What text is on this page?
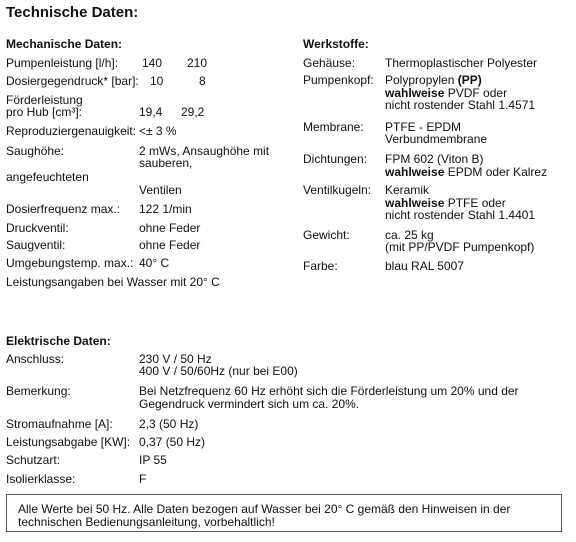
Technische Daten:
Mechanische Daten:
Pumpenleistung [l/h]: 140 210
Dosiergegendruck* [bar]: 10	8
Förderleistung
pro Hub [cm³]:	19,4 29,2
Reproduziergenauigkeit: <± 3 %
Saughöhe:	2 mWs, Ansaughöhe mit
sauberen,
angefeuchteten
Ventilen
Dosierfrequenz max.: 122 1/min
Druckventil:	ohne Feder
Saugventil:	ohne Feder
Umgebungstemp. max.: 40° C
Leistungsangaben bei Wasser mit 20° C
Werkstoffe:
Gehäuse: Thermoplastischer Polyester
Pumpenkopf: Polypropylen (PP)
wahlweise PVDF oder
nicht rostender Stahl 1.4571
Membrane: PTFE - EPDM
Verbundmembrane
Dichtungen: FPM 602 (Viton B)
wahlweise EPDM oder Kalrez
Ventilkugeln: Keramik
wahlweise PTFE oder
nicht rostender Stahl 1.4401
Gewicht:	ca. 25 kg
(mit PP/PVDF Pumpenkopf)
Farbe:	blau RAL 5007
Elektrische Daten:
Anschluss:	230 V / 50 Hz
400 V / 50/60Hz (nur bei E00)
Bemerkung:	Bei Netzfrequenz 60 Hz erhöht sich die Förderleistung um 20% und der
Gegendruck vermindert sich um ca. 20%.
Stromaufnahme [A]: 2,3 (50 Hz)
Leistungsabgabe [KW]: 0,37 (50 Hz)
Schutzart:	IP 55
Isolierklasse:	F
Alle Werte bei 50 Hz. Alle Daten bezogen auf Wasser bei 20° C gemäß den Hinweisen in der
technischen Bedienungsanleitung, vorbehaltlich!
